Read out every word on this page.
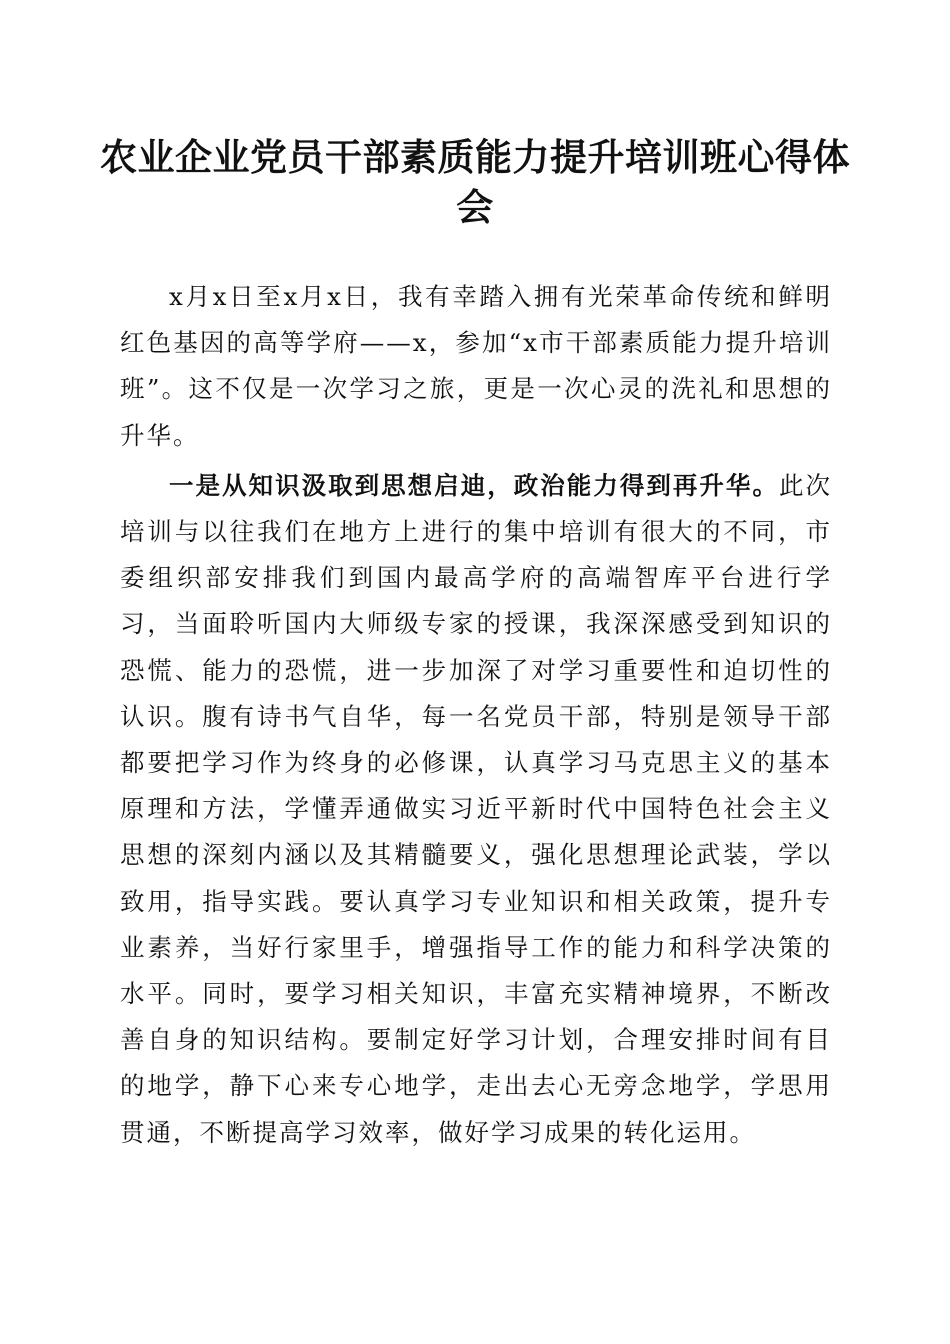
农业企业党员干部素质能力提升培训班心得体会

x月x日至x月x日，我有幸踏入拥有光荣革命传统和鲜明红色基因的高等学府——x，参加“x市干部素质能力提升培训班”。这不仅是一次学习之旅，更是一次心灵的洗礼和思想的升华。

一是从知识汲取到思想启迪，政治能力得到再升华。此次培训与以往我们在地方上进行的集中培训有很大的不同，市委组织部安排我们到国内最高学府的高端智库平台进行学习，当面聆听国内大师级专家的授课，我深深感受到知识的恐慌、能力的恐慌，进一步加深了对学习重要性和迫切性的认识。腹有诗书气自华，每一名党员干部，特别是领导干部都要把学习作为终身的必修课，认真学习马克思主义的基本原理和方法，学懂弄通做实习近平新时代中国特色社会主义思想的深刻内涵以及其精髓要义，强化思想理论武装，学以致用，指导实践。要认真学习专业知识和相关政策，提升专业素养，当好行家里手，增强指导工作的能力和科学决策的水平。同时，要学习相关知识，丰富充实精神境界，不断改善自身的知识结构。要制定好学习计划，合理安排时间有目的地学，静下心来专心地学，走出去心无旁念地学，学思用贯通，不断提高学习效率，做好学习成果的转化运用。
